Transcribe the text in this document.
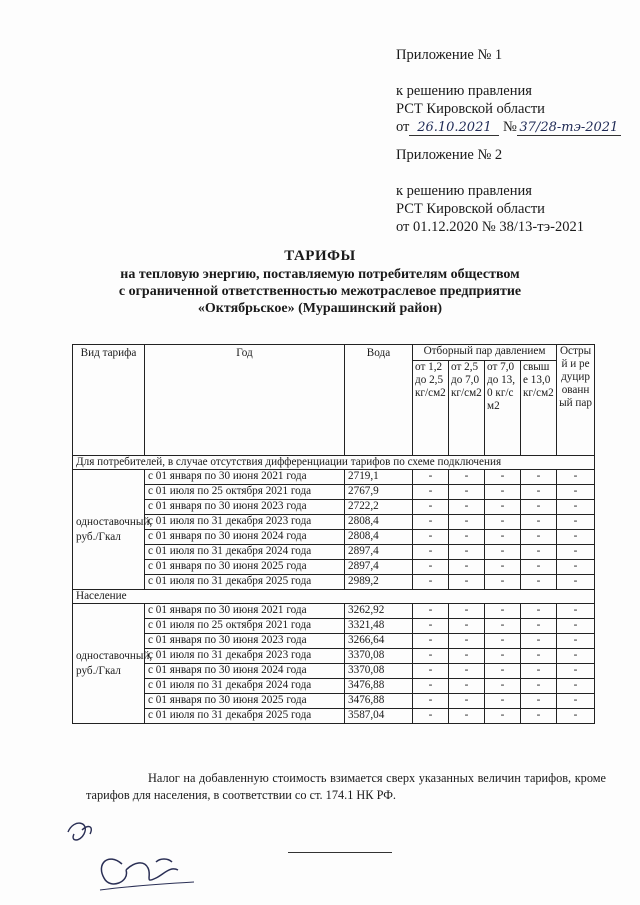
Приложение № 1
к решению правления
РСТ Кировской области
от 26.10.2021 № 37/28-тэ-2021
Приложение № 2
к решению правления
РСТ Кировской области
от 01.12.2020 № 38/13-тэ-2021
ТАРИФЫ
на тепловую энергию, поставляемую потребителям обществом
с ограниченной ответственностью межотраслевое предприятие
«Октябрьское» (Мурашинский район)
Вид тарифа	Год	Вода	Отборный пар давлением				Острый и редуцированный пар
			от 1,2 до 2,5 кг/см2	от 2,5 до 7,0 кг/см2	от 7,0 до 13,0 кг/см2	свыше 13,0 кг/см2	
Для потребителей, в случае отсутствия дифференциации тарифов по схеме подключения							
одноставочный, руб./Гкал	с 01 января по 30 июня 2021 года	2719,1	-	-	-	-	-
	с 01 июля по 25 октября 2021 года	2767,9	-	-	-	-	-
	с 01 января по 30 июня 2023 года	2722,2	-	-	-	-	-
	с 01 июля по 31 декабря 2023 года	2808,4	-	-	-	-	-
	с 01 января по 30 июня 2024 года	2808,4	-	-	-	-	-
	с 01 июля по 31 декабря 2024 года	2897,4	-	-	-	-	-
	с 01 января по 30 июня 2025 года	2897,4	-	-	-	-	-
	с 01 июля по 31 декабря 2025 года	2989,2	-	-	-	-	-
Население							
одноставочный, руб./Гкал	с 01 января по 30 июня 2021 года	3262,92	-	-	-	-	-
	с 01 июля по 25 октября 2021 года	3321,48	-	-	-	-	-
	с 01 января по 30 июня 2023 года	3266,64	-	-	-	-	-
	с 01 июля по 31 декабря 2023 года	3370,08	-	-	-	-	-
	с 01 января по 30 июня 2024 года	3370,08	-	-	-	-	-
	с 01 июля по 31 декабря 2024 года	3476,88	-	-	-	-	-
	с 01 января по 30 июня 2025 года	3476,88	-	-	-	-	-
	с 01 июля по 31 декабря 2025 года	3587,04	-	-	-	-	-
Налог на добавленную стоимость взимается сверх указанных величин тарифов, кроме тарифов для населения, в соответствии со ст. 174.1 НК РФ.
